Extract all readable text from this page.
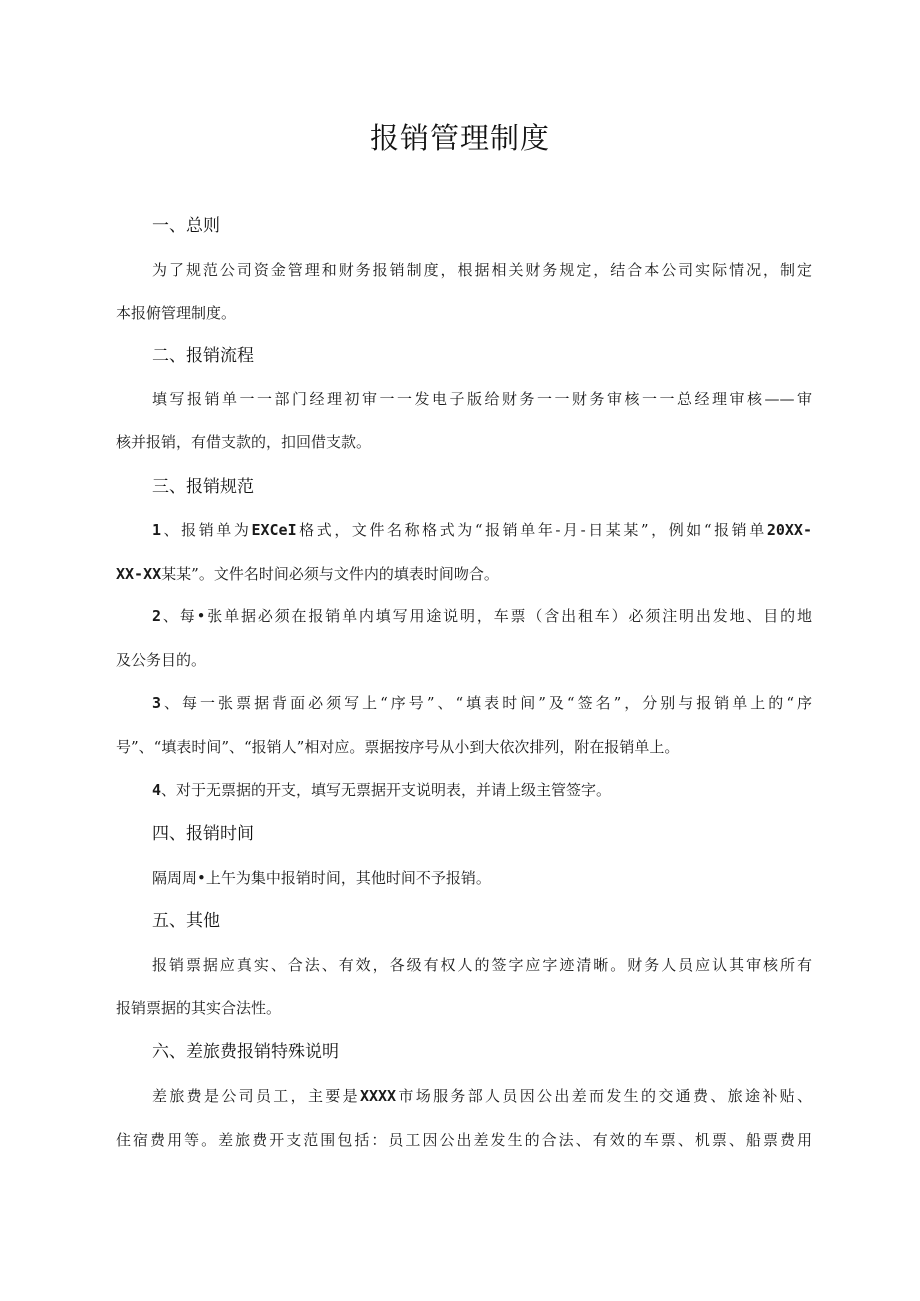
报销管理制度
一、总则
为了规范公司资金管理和财务报销制度，根据相关财务规定，结合本公司实际情况，制定
本报俯管理制度。
二、报销流程
填写报销单一一部门经理初审一一发电子版给财务一一财务审核一一总经理审核——审
核并报销，有借支款的，扣回借支款。
三、报销规范
1、报销单为EXCeI格式，文件名称格式为“报销单年-月-日某某”，例如“报销单20XX-
XX-XX某某”。文件名时间必须与文件内的填表时间吻合。
2、每•张单据必须在报销单内填写用途说明，车票（含出租车）必须注明出发地、目的地
及公务目的。
3、每一张票据背面必须写上“序号”、“填表时间”及“签名”，分别与报销单上的“序
号”、“填表时间”、“报销人”相对应。票据按序号从小到大依次排列，附在报销单上。
4、对于无票据的开支，填写无票据开支说明表，并请上级主管签字。
四、报销时间
隔周周•上午为集中报销时间，其他时间不予报销。
五、其他
报销票据应真实、合法、有效，各级有权人的签字应字迹清晰。财务人员应认其审核所有
报销票据的其实合法性。
六、差旅费报销特殊说明
差旅费是公司员工，主要是XXXX市场服务部人员因公出差而发生的交通费、旅途补贴、
住宿费用等。差旅费开支范围包括：员工因公出差发生的合法、有效的车票、机票、船票费用
